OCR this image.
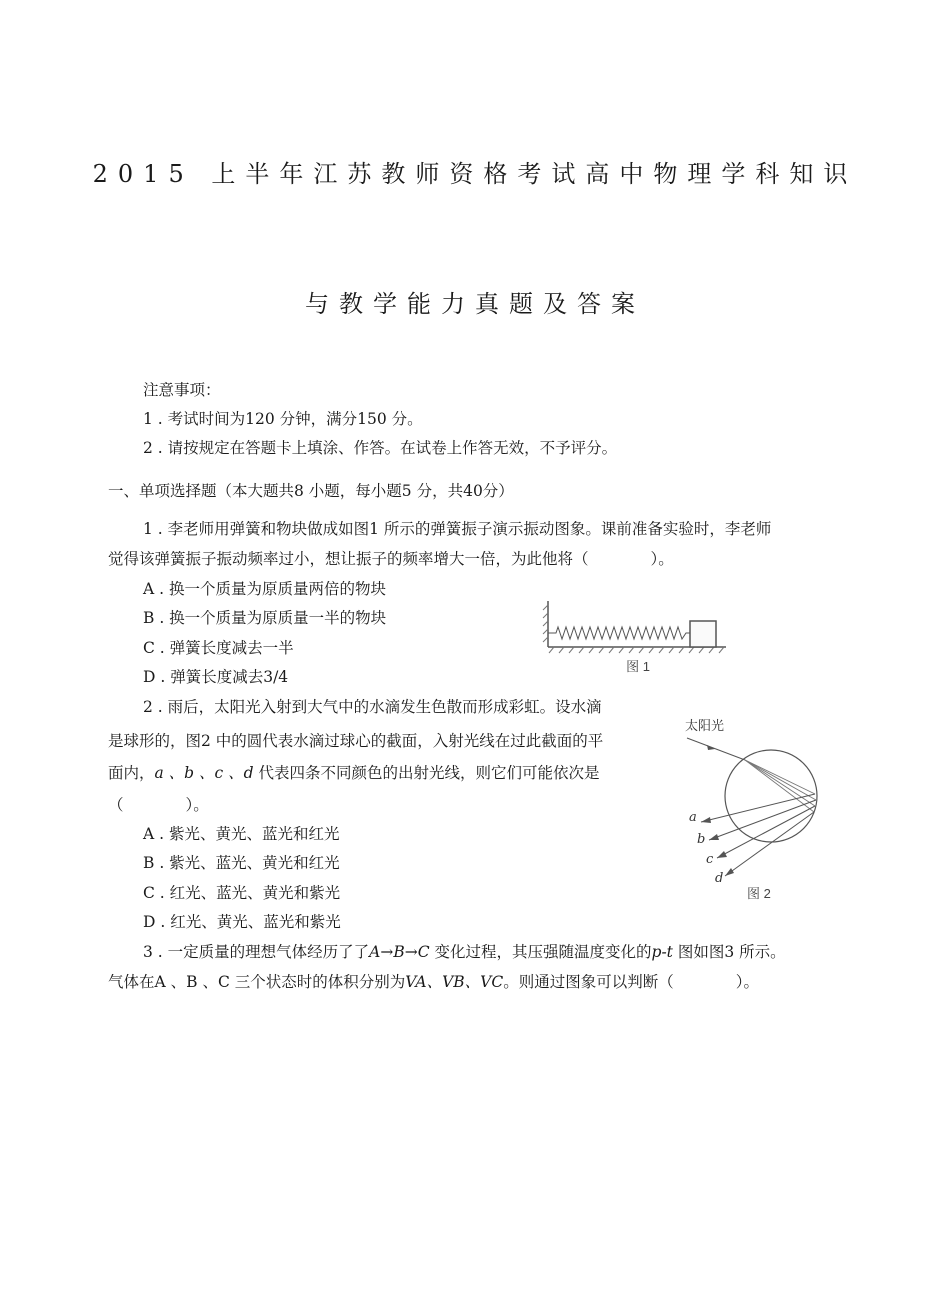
2015 上半年江苏教师资格考试高中物理学科知识
与教学能力真题及答案
注意事项：
1 . 考试时间为120 分钟，满分150 分。
2 . 请按规定在答题卡上填涂、作答。在试卷上作答无效，不予评分。
一、单项选择题（本大题共8 小题，每小题5 分，共40分）
1 . 李老师用弹簧和物块做成如图1 所示的弹簧振子演示振动图象。课前准备实验时，李老师
觉得该弹簧振子振动频率过小，想让振子的频率增大一倍，为此他将（　　　　）。
A . 换一个质量为原质量两倍的物块
B . 换一个质量为原质量一半的物块
C . 弹簧长度减去一半
D . 弹簧长度减去3/4
图 1
2 . 雨后，太阳光入射到大气中的水滴发生色散而形成彩虹。设水滴
是球形的，图2 中的圆代表水滴过球心的截面，入射光线在过此截面的平
面内，a 、b 、c 、d 代表四条不同颜色的出射光线，则它们可能依次是
（　　　　）。
A . 紫光、黄光、蓝光和红光
B . 紫光、蓝光、黄光和红光
C . 红光、蓝光、黄光和紫光
D . 红光、黄光、蓝光和紫光
太阳光
a
b
c
d
图 2
3 . 一定质量的理想气体经历了了A→B→C 变化过程，其压强随温度变化的p-t 图如图3 所示。
气体在A 、B 、C 三个状态时的体积分别为VA、VB、VC。则通过图象可以判断（　　　　）。
